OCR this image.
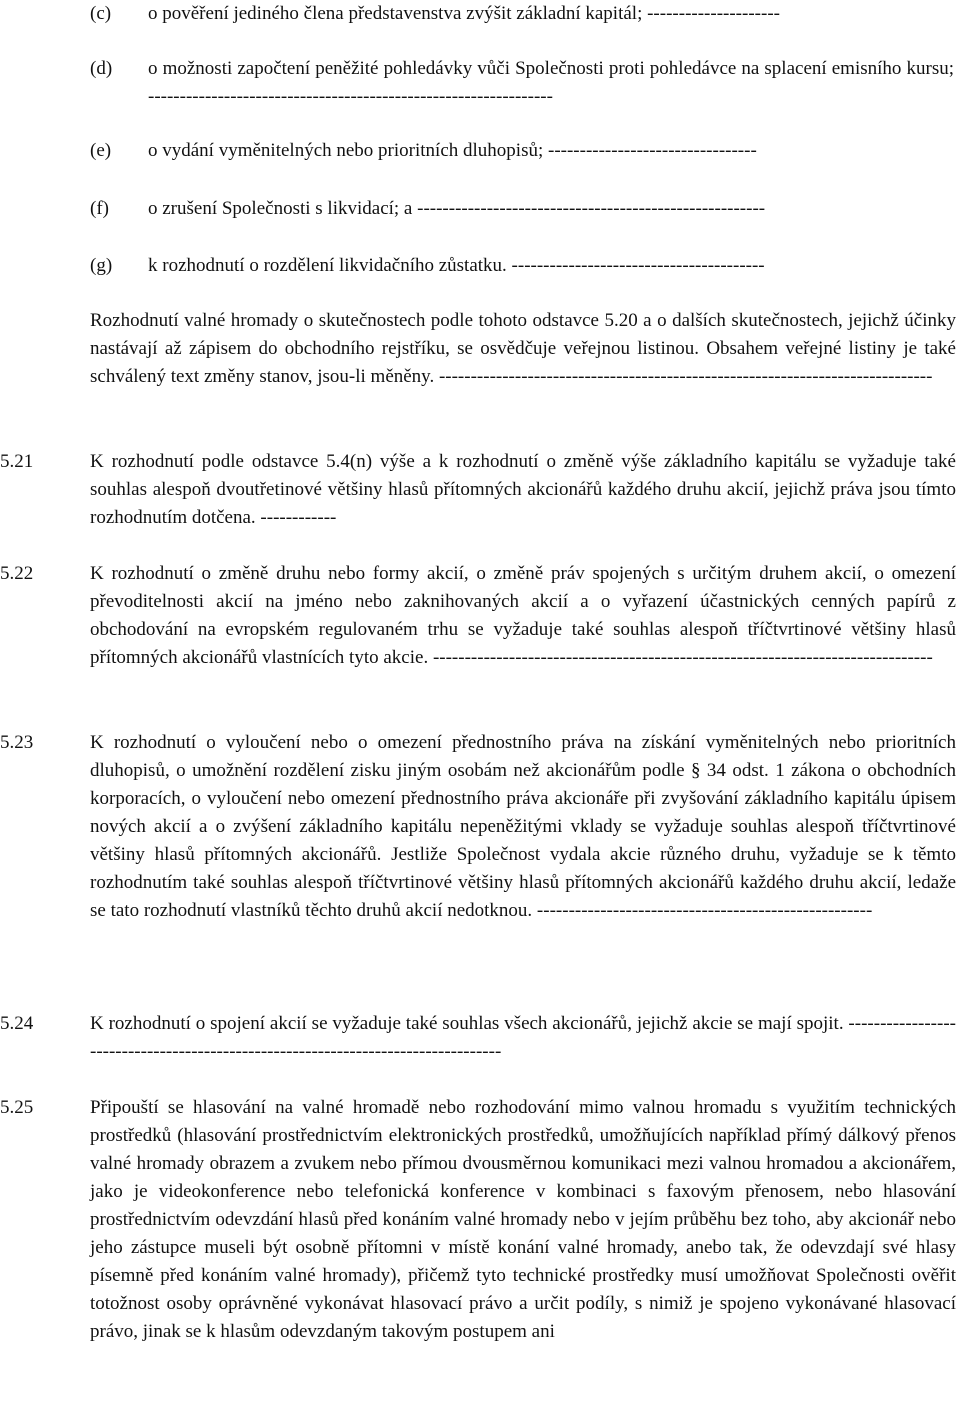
(c) o pověření jediného člena představenstva zvýšit základní kapitál; ---------------------
(d) o možnosti započtení peněžité pohledávky vůči Společnosti proti pohledávce na splacení emisního kursu; ----------------------------------------------------------------
(e) o vydání vyměnitelných nebo prioritních dluhopisů; ---------------------------------
(f) o zrušení Společnosti s likvidací; a -------------------------------------------------------
(g) k rozhodnutí o rozdělení likvidačního zůstatku. ----------------------------------------
Rozhodnutí valné hromady o skutečnostech podle tohoto odstavce 5.20 a o dalších skutečnostech, jejichž účinky nastávají až zápisem do obchodního rejstříku, se osvědčuje veřejnou listinou. Obsahem veřejné listiny je také schválený text změny stanov, jsou-li měněny. ------------------------------------------------------------------------------
5.21	K rozhodnutí podle odstavce 5.4(n) výše a k rozhodnutí o změně výše základního kapitálu se vyžaduje také souhlas alespoň dvoutřetinové většiny hlasů přítomných akcionářů každého druhu akcií, jejichž práva jsou tímto rozhodnutím dotčena. ------------
5.22	K rozhodnutí o změně druhu nebo formy akcií, o změně práv spojených s určitým druhem akcií, o omezení převoditelnosti akcií na jméno nebo zaknihovaných akcií a o vyřazení účastnických cenných papírů z obchodování na evropském regulovaném trhu se vyžaduje také souhlas alespoň tříčtvrtinové většiny hlasů přítomných akcionářů vlastnících tyto akcie. -------------------------------------------------------------------------------
5.23	K rozhodnutí o vyloučení nebo o omezení přednostního práva na získání vyměnitelných nebo prioritních dluhopisů, o umožnění rozdělení zisku jiným osobám než akcionářům podle § 34 odst. 1 zákona o obchodních korporacích, o vyloučení nebo omezení přednostního práva akcionáře při zvyšování základního kapitálu úpisem nových akcií a o zvýšení základního kapitálu nepeněžitými vklady se vyžaduje souhlas alespoň tříčtvrtinové většiny hlasů přítomných akcionářů. Jestliže Společnost vydala akcie různého druhu, vyžaduje se k těmto rozhodnutím také souhlas alespoň tříčtvrtinové většiny hlasů přítomných akcionářů každého druhu akcií, ledaže se tato rozhodnutí vlastníků těchto druhů akcií nedotknou. -----------------------------------------------------
5.24	K rozhodnutí o spojení akcií se vyžaduje také souhlas všech akcionářů, jejichž akcie se mají spojit. ----------------------------------------------------------------------------------
5.25	Připouští se hlasování na valné hromadě nebo rozhodování mimo valnou hromadu s využitím technických prostředků (hlasování prostřednictvím elektronických prostředků, umožňujících například přímý dálkový přenos valné hromady obrazem a zvukem nebo přímou dvousměrnou komunikaci mezi valnou hromadou a akcionářem, jako je videokonference nebo telefonická konference v kombinaci s faxovým přenosem, nebo hlasování prostřednictvím odevzdání hlasů před konáním valné hromady nebo v jejím průběhu bez toho, aby akcionář nebo jeho zástupce museli být osobně přítomni v místě konání valné hromady, anebo tak, že odevzdají své hlasy písemně před konáním valné hromady), přičemž tyto technické prostředky musí umožňovat Společnosti ověřit totožnost osoby oprávněné vykonávat hlasovací právo a určit podíly, s nimiž je spojeno vykonávané hlasovací právo, jinak se k hlasům odevzdaným takovým postupem ani
